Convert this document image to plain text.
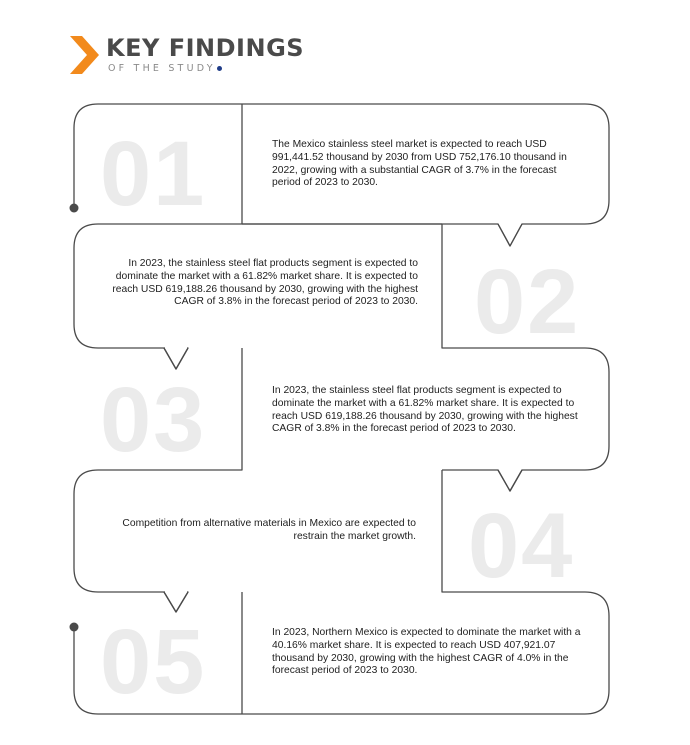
KEY FINDINGS
OF THE STUDY
01	The Mexico stainless steel market is expected to reach USD 991,441.52 thousand by 2030 from USD 752,176.10 thousand in 2022, growing with a substantial CAGR of 3.7% in the forecast period of 2023 to 2030.
02
In 2023, the stainless steel flat products segment is expected to dominate the market with a 61.82% market share. It is expected to reach USD 619,188.26 thousand by 2030, growing with the highest CAGR of 3.8% in the forecast period of 2023 to 2030.
03	In 2023, the stainless steel flat products segment is expected to dominate the market with a 61.82% market share. It is expected to reach USD 619,188.26 thousand by 2030, growing with the highest CAGR of 3.8% in the forecast period of 2023 to 2030.
04
Competition from alternative materials in Mexico are expected to restrain the market growth.
05	In 2023, Northern Mexico is expected to dominate the market with a 40.16% market share. It is expected to reach USD 407,921.07 thousand by 2030, growing with the highest CAGR of 4.0% in the forecast period of 2023 to 2030.
